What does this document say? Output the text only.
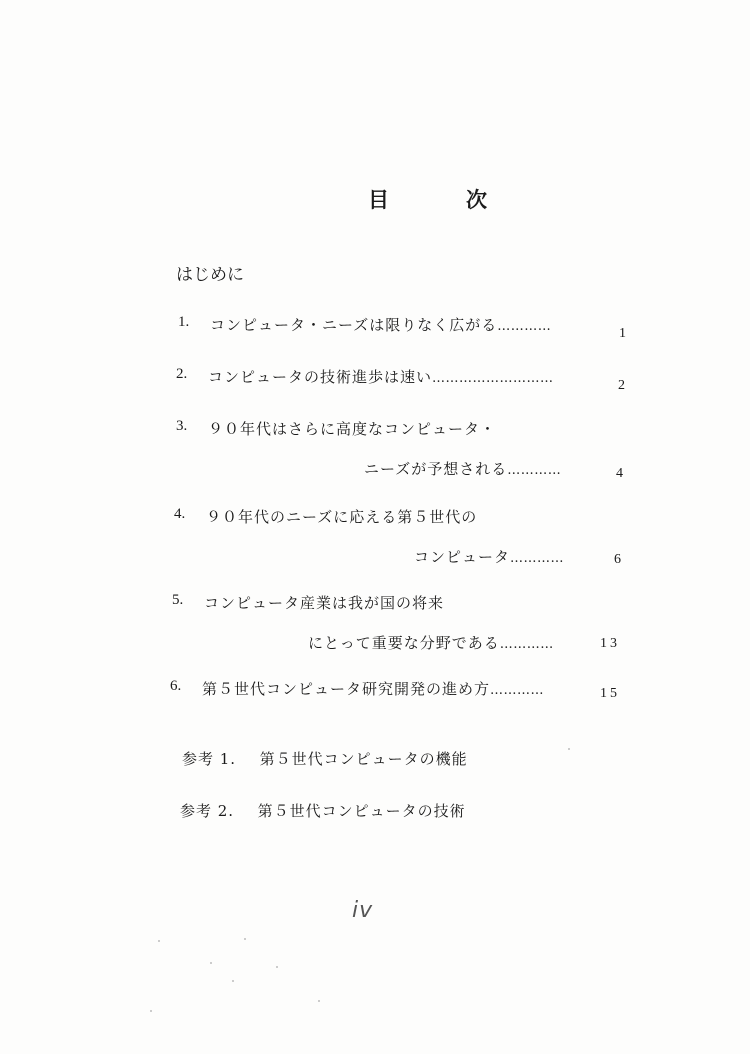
目　次
はじめに
1. コンピュータ・ニーズは限りなく広がる…………	1
2. コンピュータの技術進歩は速い………………………	2
3. ９０年代はさらに高度なコンピュータ・
ニーズが予想される…………	4
4. ９０年代のニーズに応える第５世代の
コンピュータ…………	6
5. コンピュータ産業は我が国の将来
にとって重要な分野である…………	13
6. 第５世代コンピュータ研究開発の進め方…………	15
参考 1. 第５世代コンピュータの機能
参考 2. 第５世代コンピュータの技術
iv
